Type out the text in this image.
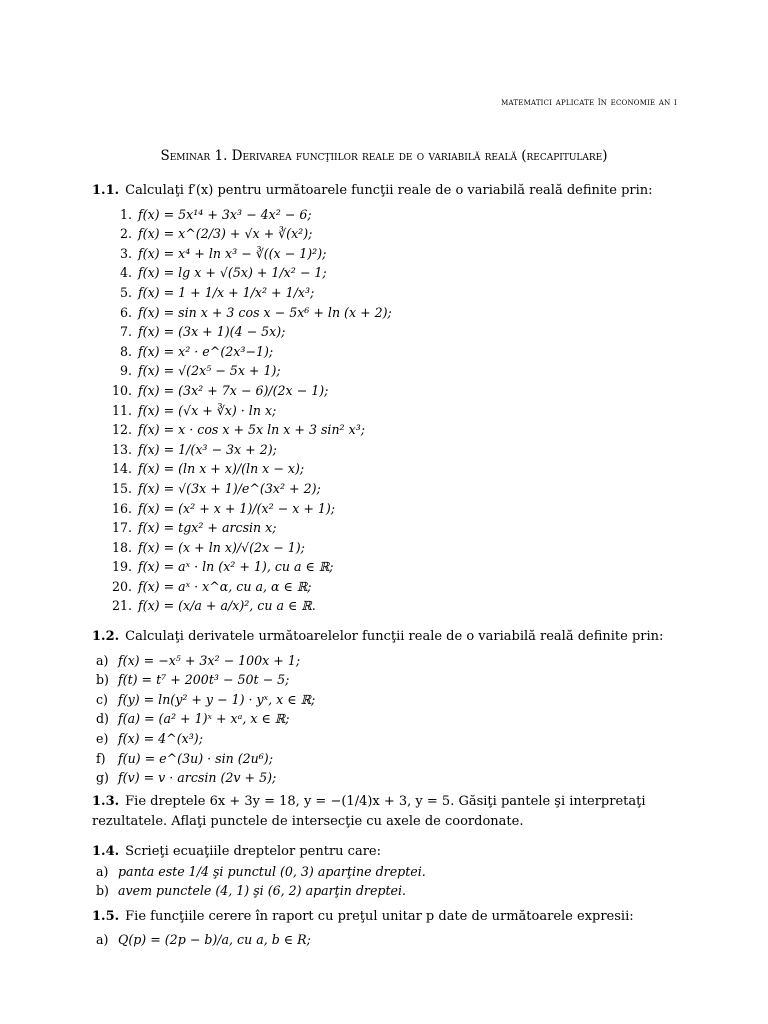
matematici aplicate în economie an i
Seminar 1. Derivarea funcţiilor reale de o variabilă reală (recapitulare)
1.1. Calculaţi f′(x) pentru următoarele funcţii reale de o variabilă reală definite prin:
1. f(x) = 5x¹⁴ + 3x³ − 4x² − 6;
2. f(x) = x^(2/3) + √x + ∛(x²);
3. f(x) = x⁴ + ln x³ − ∛((x − 1)²);
4. f(x) = lg x + √(5x) + 1/x² − 1;
5. f(x) = 1 + 1/x + 1/x² + 1/x³;
6. f(x) = sin x + 3 cos x − 5x⁶ + ln (x + 2);
7. f(x) = (3x + 1)(4 − 5x);
8. f(x) = x² · e^(2x³−1);
9. f(x) = √(2x⁵ − 5x + 1);
10. f(x) = (3x² + 7x − 6)/(2x − 1);
11. f(x) = (√x + ∛x) · ln x;
12. f(x) = x · cos x + 5x ln x + 3 sin² x³;
13. f(x) = 1/(x³ − 3x + 2);
14. f(x) = (ln x + x)/(ln x − x);
15. f(x) = √(3x + 1)/e^(3x² + 2);
16. f(x) = (x² + x + 1)/(x² − x + 1);
17. f(x) = tgx² + arcsin x;
18. f(x) = (x + ln x)/√(2x − 1);
19. f(x) = aˣ · ln (x² + 1), cu a ∈ ℝ;
20. f(x) = aˣ · x^α, cu a, α ∈ ℝ;
21. f(x) = (x/a + a/x)², cu a ∈ ℝ.
1.2. Calculaţi derivatele următoarelelor funcţii reale de o variabilă reală definite prin:
a) f(x) = −x⁵ + 3x² − 100x + 1;
b) f(t) = t⁷ + 200t³ − 50t − 5;
c) f(y) = ln(y² + y − 1) · yˣ, x ∈ ℝ;
d) f(a) = (a² + 1)ˣ + xᵃ, x ∈ ℝ;
e) f(x) = 4^(x³);
f) f(u) = e^(3u) · sin (2u⁶);
g) f(v) = v · arcsin (2v + 5);
1.3. Fie dreptele 6x + 3y = 18, y = −(1/4)x + 3, y = 5. Găsiţi pantele şi interpretaţi rezultatele. Aflaţi punctele de intersecţie cu axele de coordonate.
1.4. Scrieţi ecuaţiile dreptelor pentru care:
a) panta este 1/4 şi punctul (0, 3) aparţine dreptei.
b) avem punctele (4, 1) şi (6, 2) aparţin dreptei.
1.5. Fie funcţiile cerere în raport cu preţul unitar p date de următoarele expresii:
a) Q(p) = (2p − b)/a, cu a, b ∈ R;
